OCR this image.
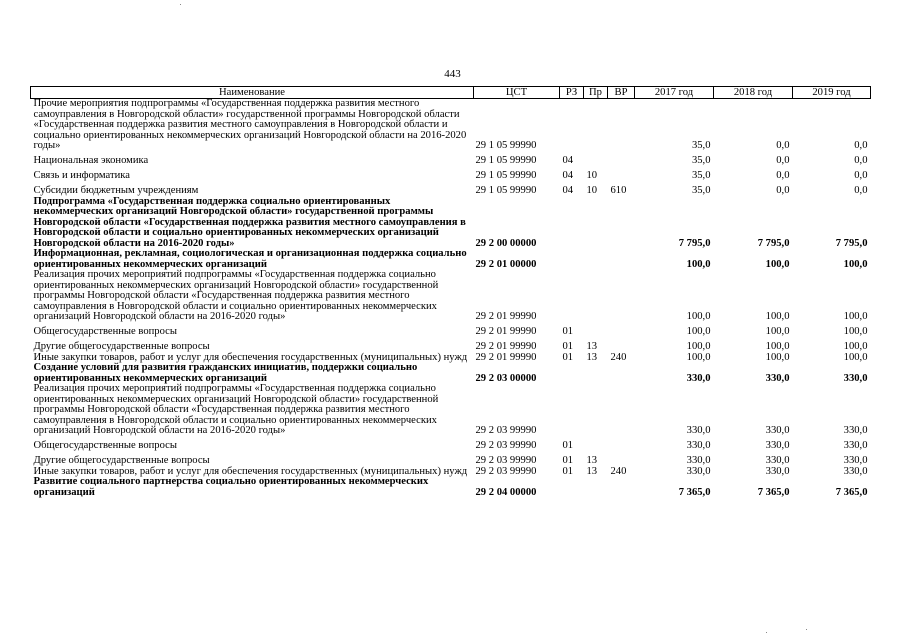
443
Наименование	ЦСТ	РЗ	Пр	ВР	2017 год	2018 год	2019 год
Прочие мероприятия подпрограммы «Государственная поддержка развития местного самоуправления в Новгородской области» государственной программы Новгородской области «Государственная поддержка развития местного самоуправления в Новгородской области и социально ориентированных некоммерческих организаций Новгородской области на 2016-2020 годы»	29 1 05 99990				35,0	0,0	0,0
Национальная экономика	29 1 05 99990	04			35,0	0,0	0,0
Связь и информатика	29 1 05 99990	04	10		35,0	0,0	0,0
Субсидии бюджетным учреждениям	29 1 05 99990	04	10	610	35,0	0,0	0,0
Подпрограмма «Государственная поддержка социально ориентированных некоммерческих организаций Новгородской области» государственной программы Новгородской области «Государственная поддержка развития местного самоуправления в Новгородской области и социально ориентированных некоммерческих организаций Новгородской области на 2016-2020 годы»	29 2 00 00000				7 795,0	7 795,0	7 795,0
Информационная, рекламная, социологическая и организационная поддержка социально ориентированных некоммерческих организаций	29 2 01 00000				100,0	100,0	100,0
Реализация прочих мероприятий подпрограммы «Государственная поддержка социально ориентированных некоммерческих организаций Новгородской области» государственной программы Новгородской области «Государственная поддержка развития местного самоуправления в Новгородской области и социально ориентированных некоммерческих организаций Новгородской области на 2016-2020 годы»	29 2 01 99990				100,0	100,0	100,0
Общегосударственные вопросы	29 2 01 99990	01			100,0	100,0	100,0
Другие общегосударственные вопросы	29 2 01 99990	01	13		100,0	100,0	100,0
Иные закупки товаров, работ и услуг для обеспечения государственных (муниципальных) нужд	29 2 01 99990	01	13	240	100,0	100,0	100,0
Создание условий для развития гражданских инициатив, поддержки социально ориентированных некоммерческих организаций	29 2 03 00000				330,0	330,0	330,0
Реализация прочих мероприятий подпрограммы «Государственная поддержка социально ориентированных некоммерческих организаций Новгородской области» государственной программы Новгородской области «Государственная поддержка развития местного самоуправления в Новгородской области и социально ориентированных некоммерческих организаций Новгородской области на 2016-2020 годы»	29 2 03 99990				330,0	330,0	330,0
Общегосударственные вопросы	29 2 03 99990	01			330,0	330,0	330,0
Другие общегосударственные вопросы	29 2 03 99990	01	13		330,0	330,0	330,0
Иные закупки товаров, работ и услуг для обеспечения государственных (муниципальных) нужд	29 2 03 99990	01	13	240	330,0	330,0	330,0
Развитие социального партнерства социально ориентированных некоммерческих организаций	29 2 04 00000				7 365,0	7 365,0	7 365,0
